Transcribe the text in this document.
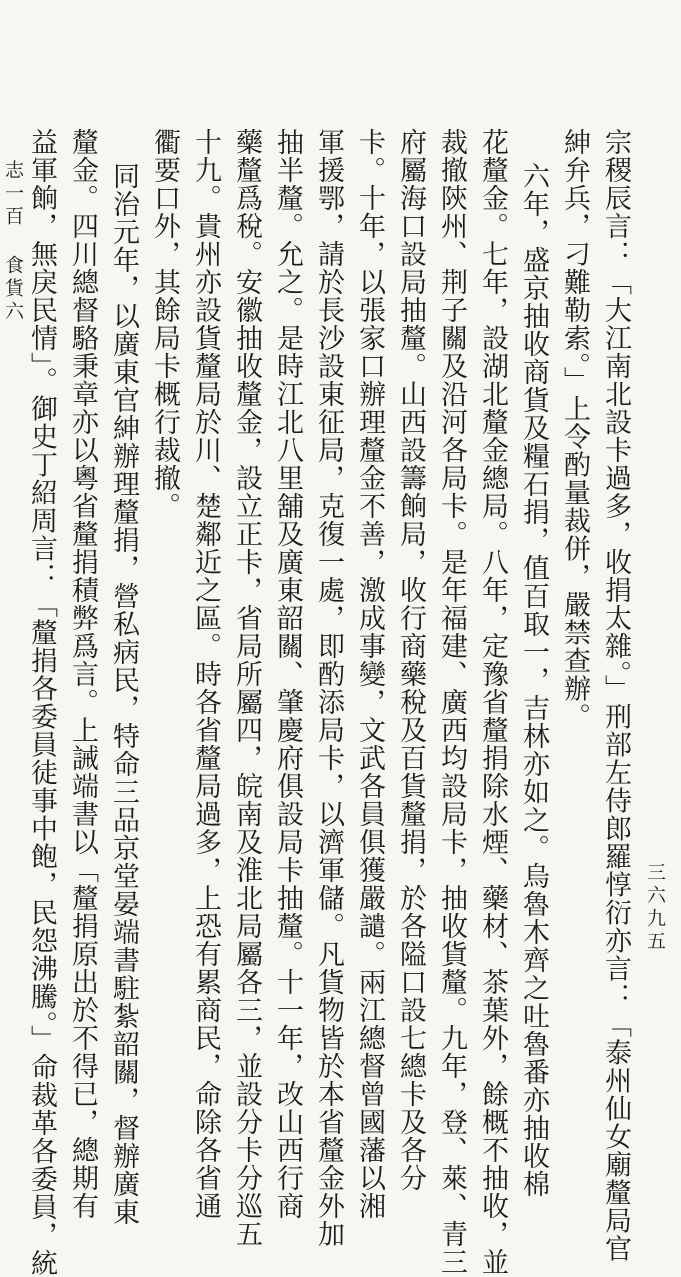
宗稷辰言：「大江南北設卡過多，收捐太雜。」刑部左侍郎羅惇衍亦言：「泰州仙女廟釐局官
紳弁兵，刁難勒索。」上令酌量裁併，嚴禁查辦。
六年，盛京抽收商貨及糧石捐，值百取一，吉林亦如之。烏魯木齊之吐魯番亦抽收棉
花釐金。七年，設湖北釐金總局。八年，定豫省釐捐除水煙、藥材、茶葉外，餘概不抽收，並
裁撤陝州、荆子關及沿河各局卡。是年福建、廣西均設局卡，抽收貨釐。九年，登、萊、青三
府屬海口設局抽釐。山西設籌餉局，收行商藥稅及百貨釐捐，於各隘口設七總卡及各分
卡。十年，以張家口辦理釐金不善，激成事變，文武各員俱獲嚴譴。兩江總督曾國藩以湘
軍援鄂，請於長沙設東征局，克復一處，即酌添局卡，以濟軍儲。凡貨物皆於本省釐金外加
抽半釐。允之。是時江北八里舖及廣東韶關、肇慶府俱設局卡抽釐。十一年，改山西行商
藥釐爲稅。安徽抽收釐金，設立正卡，省局所屬四，皖南及淮北局屬各三，並設分卡分巡五
十九。貴州亦設貨釐局於川、楚鄰近之區。時各省釐局過多，上恐有累商民，命除各省通
衢要口外，其餘局卡概行裁撤。
同治元年，以廣東官紳辦理釐捐，營私病民，特命三品京堂晏端書駐紮韶關，督辦廣東
釐金。四川總督駱秉章亦以粵省釐捐積弊爲言。上誡端書以「釐捐原出於不得已，總期有
益軍餉，無戾民情」。御史丁紹周言：「釐捐各委員徒事中飽，民怨沸騰。」命裁革各委員，統	三六九五
志一百
食貨六
